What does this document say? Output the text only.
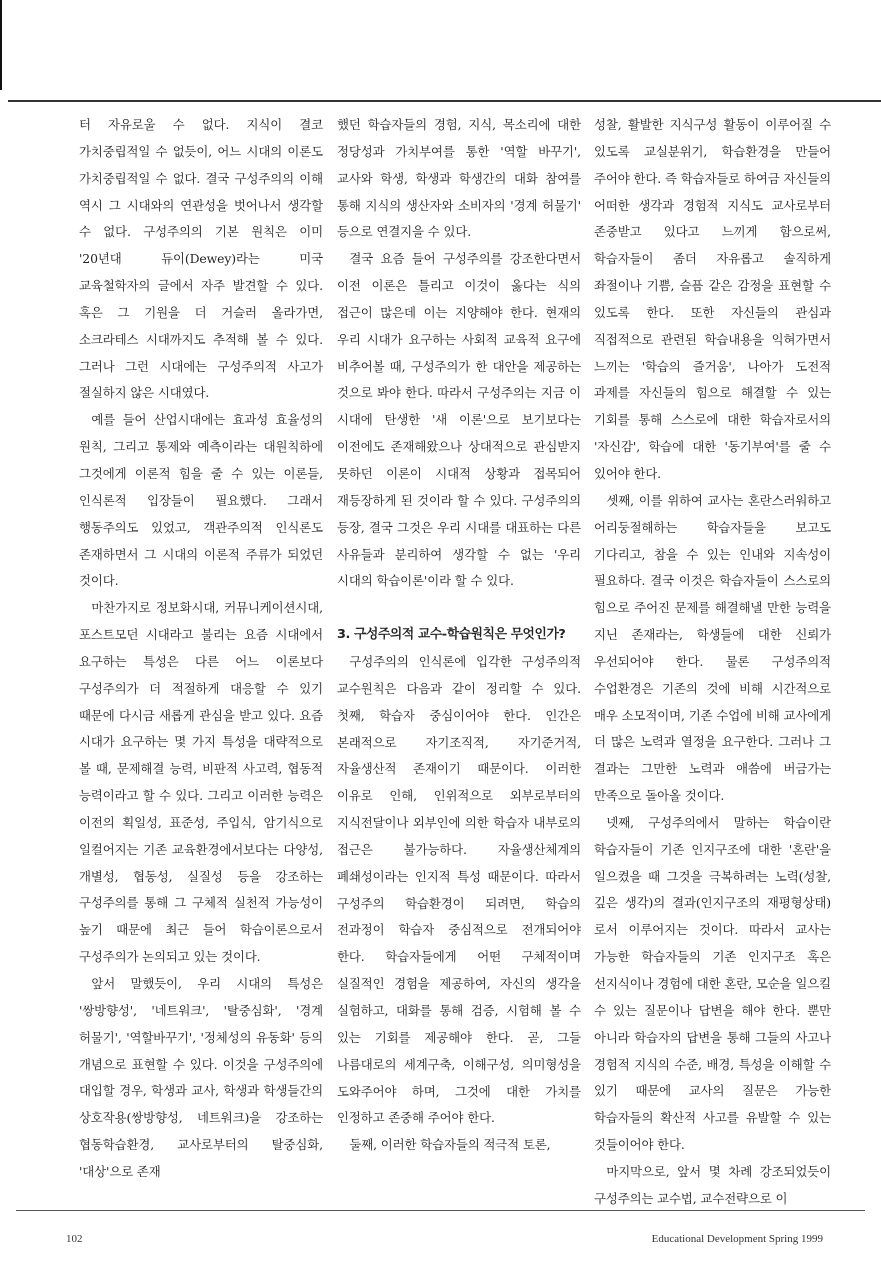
터 자유로울 수 없다. 지식이 결코 가치중립적일 수 없듯이, 어느 시대의 이론도 가치중립적일 수 없다. 결국 구성주의의 이해 역시 그 시대와의 연관성을 벗어나서 생각할 수 없다. 구성주의의 기본 원칙은 이미 '20년대 듀이(Dewey)라는 미국 교육철학자의 글에서 자주 발견할 수 있다. 혹은 그 기원을 더 거슬러 올라가면, 소크라테스 시대까지도 추적해 볼 수 있다. 그러나 그런 시대에는 구성주의적 사고가 절실하지 않은 시대였다.

예를 들어 산업시대에는 효과성 효율성의 원칙, 그리고 통제와 예측이라는 대원칙하에 그것에게 이론적 힘을 줄 수 있는 이론들, 인식론적 입장들이 필요했다. 그래서 행동주의도 있었고, 객관주의적 인식론도 존재하면서 그 시대의 이론적 주류가 되었던 것이다.

마찬가지로 정보화시대, 커뮤니케이션시대, 포스트모던 시대라고 불리는 요즘 시대에서 요구하는 특성은 다른 어느 이론보다 구성주의가 더 적절하게 대응할 수 있기 때문에 다시금 새롭게 관심을 받고 있다. 요즘 시대가 요구하는 몇 가지 특성을 대략적으로 볼 때, 문제해결 능력, 비판적 사고력, 협동적 능력이라고 할 수 있다. 그리고 이러한 능력은 이전의 획일성, 표준성, 주입식, 암기식으로 일컬어지는 기존 교육환경에서보다는 다양성, 개별성, 협동성, 실질성 등을 강조하는 구성주의를 통해 그 구체적 실천적 가능성이 높기 때문에 최근 들어 학습이론으로서 구성주의가 논의되고 있는 것이다.

앞서 말했듯이, 우리 시대의 특성은 '쌍방향성', '네트워크', '탈중심화', '경계 허물기', '역할바꾸기', '정체성의 유동화' 등의 개념으로 표현할 수 있다. 이것을 구성주의에 대입할 경우, 학생과 교사, 학생과 학생들간의 상호작용(쌍방향성, 네트워크)을 강조하는 협동학습환경, 교사로부터의 탈중심화, '대상'으로 존재

했던 학습자들의 경험, 지식, 목소리에 대한 정당성과 가치부여를 통한 '역할 바꾸기', 교사와 학생, 학생과 학생간의 대화 참여를 통해 지식의 생산자와 소비자의 '경계 허물기' 등으로 연결지을 수 있다.

결국 요즘 들어 구성주의를 강조한다면서 이전 이론은 틀리고 이것이 옳다는 식의 접근이 많은데 이는 지양해야 한다. 현재의 우리 시대가 요구하는 사회적 교육적 요구에 비추어볼 때, 구성주의가 한 대안을 제공하는 것으로 봐야 한다. 따라서 구성주의는 지금 이 시대에 탄생한 '새 이론'으로 보기보다는 이전에도 존재해왔으나 상대적으로 관심받지 못하던 이론이 시대적 상황과 접목되어 재등장하게 된 것이라 할 수 있다. 구성주의의 등장, 결국 그것은 우리 시대를 대표하는 다른 사유들과 분리하여 생각할 수 없는 '우리 시대의 학습이론'이라 할 수 있다.

3. 구성주의적 교수-학습원칙은 무엇인가?

구성주의의 인식론에 입각한 구성주의적 교수원칙은 다음과 같이 정리할 수 있다. 첫째, 학습자 중심이어야 한다. 인간은 본래적으로 자기조직적, 자기준거적, 자율생산적 존재이기 때문이다. 이러한 이유로 인해, 인위적으로 외부로부터의 지식전달이나 외부인에 의한 학습자 내부로의 접근은 불가능하다. 자율생산체계의 폐쇄성이라는 인지적 특성 때문이다. 따라서 구성주의 학습환경이 되려면, 학습의 전과정이 학습자 중심적으로 전개되어야 한다. 학습자들에게 어떤 구체적이며 실질적인 경험을 제공하여, 자신의 생각을 실험하고, 대화를 통해 검증, 시험해 볼 수 있는 기회를 제공해야 한다. 곧, 그들 나름대로의 세계구축, 이해구성, 의미형성을 도와주어야 하며, 그것에 대한 가치를 인정하고 존중해 주어야 한다.

둘째, 이러한 학습자들의 적극적 토론,

성찰, 활발한 지식구성 활동이 이루어질 수 있도록 교실분위기, 학습환경을 만들어 주어야 한다. 즉 학습자들로 하여금 자신들의 어떠한 생각과 경험적 지식도 교사로부터 존중받고 있다고 느끼게 함으로써, 학습자들이 좀더 자유롭고 솔직하게 좌절이나 기쁨, 슬픔 같은 감정을 표현할 수 있도록 한다. 또한 자신들의 관심과 직접적으로 관련된 학습내용을 익혀가면서 느끼는 '학습의 즐거움', 나아가 도전적 과제를 자신들의 힘으로 해결할 수 있는 기회를 통해 스스로에 대한 학습자로서의 '자신감', 학습에 대한 '동기부여'를 줄 수 있어야 한다.

셋째, 이를 위하여 교사는 혼란스러워하고 어리둥절해하는 학습자들을 보고도 기다리고, 참을 수 있는 인내와 지속성이 필요하다. 결국 이것은 학습자들이 스스로의 힘으로 주어진 문제를 해결해낼 만한 능력을 지닌 존재라는, 학생들에 대한 신뢰가 우선되어야 한다. 물론 구성주의적 수업환경은 기존의 것에 비해 시간적으로 매우 소모적이며, 기존 수업에 비해 교사에게 더 많은 노력과 열정을 요구한다. 그러나 그 결과는 그만한 노력과 애씀에 버금가는 만족으로 돌아올 것이다.

넷째, 구성주의에서 말하는 학습이란 학습자들이 기존 인지구조에 대한 '혼란'을 일으켰을 때 그것을 극복하려는 노력(성찰, 깊은 생각)의 결과(인지구조의 재평형상태)로서 이루어지는 것이다. 따라서 교사는 가능한 학습자들의 기존 인지구조 혹은 선지식이나 경험에 대한 혼란, 모순을 일으킬 수 있는 질문이나 답변을 해야 한다. 뿐만 아니라 학습자의 답변을 통해 그들의 사고나 경험적 지식의 수준, 배경, 특성을 이해할 수 있기 때문에 교사의 질문은 가능한 학습자들의 확산적 사고를 유발할 수 있는 것들이어야 한다.

마지막으로, 앞서 몇 차례 강조되었듯이 구성주의는 교수법, 교수전략으로 이

102	Educational Development Spring 1999
